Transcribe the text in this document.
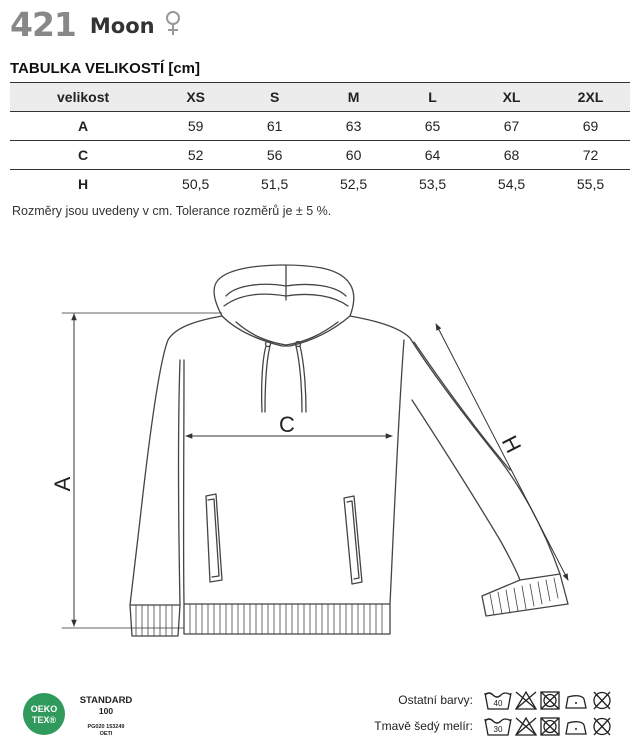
421 Moon
TABULKA VELIKOSTÍ [cm]
velikost	XS	S	M	L	XL	2XL
A	59	61	63	65	67	69
C	52	56	60	64	68	72
H	50,5	51,5	52,5	53,5	54,5	55,5
Rozměry jsou uvedeny v cm. Tolerance rozměrů je ± 5 %.
A
C
H
OEKO
TEX®
STANDARD
100
PG020 153249
OETI
Ostatní barvy:
Tmavě šedý melír:
40
30
